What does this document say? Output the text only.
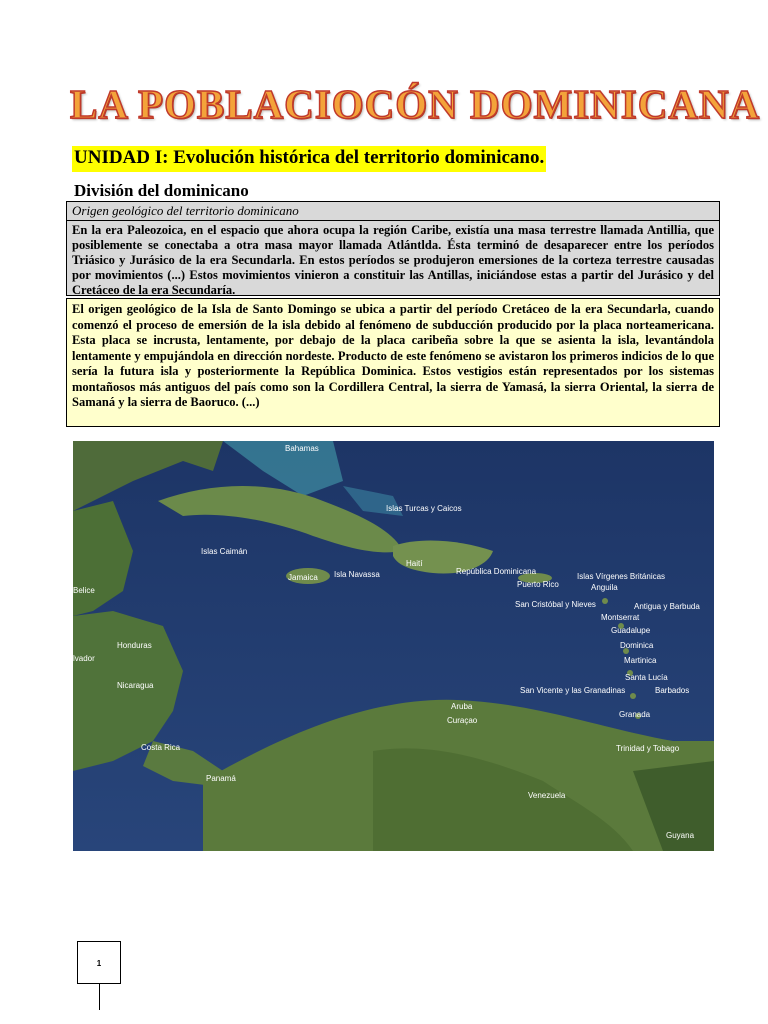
LA POBLACIOCÓN DOMINICANA
UNIDAD I: Evolución histórica del territorio dominicano.
División del dominicano
Origen geológico del territorio dominicano
En la era Paleozoica, en el espacio que ahora ocupa la región Caribe, existía una masa terrestre llamada Antillia, que posiblemente se conectaba a otra masa mayor llamada Atlántlda. Ésta terminó de desaparecer entre los períodos Triásico y Jurásico de la era Secundarla. En estos períodos se produjeron emersiones de la corteza terrestre causadas por movimientos (...) Estos movimientos vinieron a constituir las Antillas, iniciándose estas a partir del Jurásico y del Cretáceo de la era Secundaría.
El origen geológico de la Isla de Santo Domingo se ubica a partir del período Cretáceo de la era Secundarla, cuando comenzó el proceso de emersión de la isla debido al fenómeno de subducción producido por la placa norteamericana. Esta placa se incrusta, lentamente, por debajo de la placa caribeña sobre la que se asienta la isla, levantándola lentamente y empujándola en dirección nordeste. Producto de este fenómeno se avistaron los primeros indicios de lo que sería la futura isla y posteriormente la República Dominica. Estos vestigios están representados por los sistemas montañosos más antiguos del país como son la Cordillera Central, la sierra de Yamasá, la sierra Oriental, la sierra de Samaná y la sierra de Baoruco. (...)
Bahamas
Islas Turcas y Caicos
Islas Caimán
Haití
República Dominicana
Jamaica Isla Navassa
Puerto Rico
Islas Vírgenes Británicas
Anguila
San Cristóbal y Nieves	Antigua y Barbuda
Montserrat
Guadalupe
Belice
Honduras
lvador
Nicaragua
Dominica
Martinica
Santa Lucía
San Vicente y las Granadinas	Barbados
Granada
Aruba
Curaçao
Costa Rica	Trinidad y Tobago
Panamá
Venezuela
Guyana
1
